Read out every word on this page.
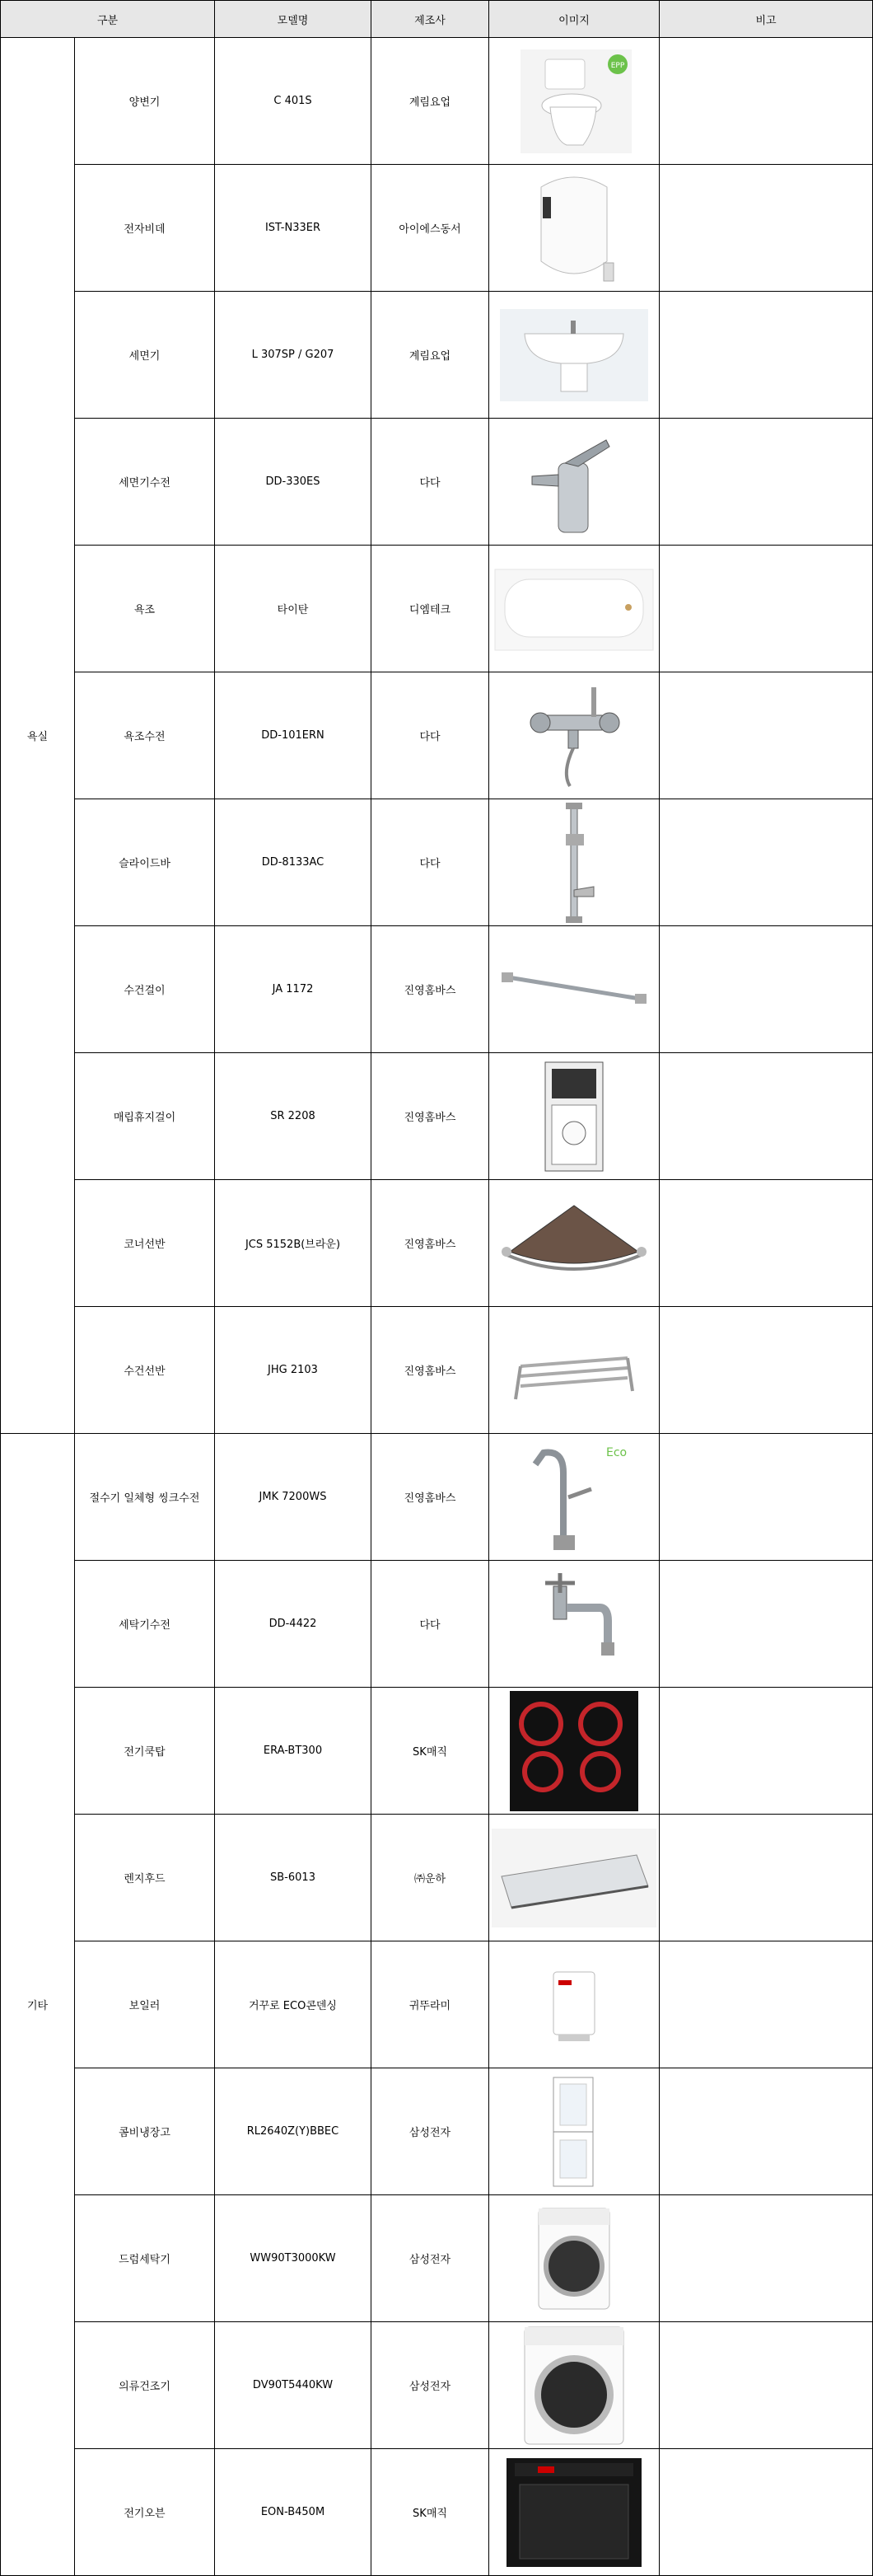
구분		모델명	제조사	이미지	비고
욕실	양변기	C 401S	계림요업	EPP	

	전자비데	IST-N33ER	아이에스동서	

	세면기	L 307SP / G207	계림요업	

	세면기수전	DD-330ES	다다	

	욕조	타이탄	디엠테크	

	욕조수전	DD-101ERN	다다	

	슬라이드바	DD-8133AC	다다	

	수건걸이	JA 1172	진영홈바스	

	매립휴지걸이	SR 2208	진영홈바스	

	코너선반	JCS 5152B(브라운)	진영홈바스	

	수건선반	JHG 2103	진영홈바스	

기타	절수기 일체형 씽크수전	JMK 7200WS	진영홈바스	Eco	

	세탁기수전	DD-4422	다다	

	전기쿡탑	ERA-BT300	SK매직	

	렌지후드	SB-6013	㈜운하	

	보일러	거꾸로 ECO콘덴싱	귀뚜라미	

	콤비냉장고	RL2640Z(Y)BBEC	삼성전자	

	드럼세탁기	WW90T3000KW	삼성전자	

	의류건조기	DV90T5440KW	삼성전자	

	전기오븐	EON-B450M	SK매직	
